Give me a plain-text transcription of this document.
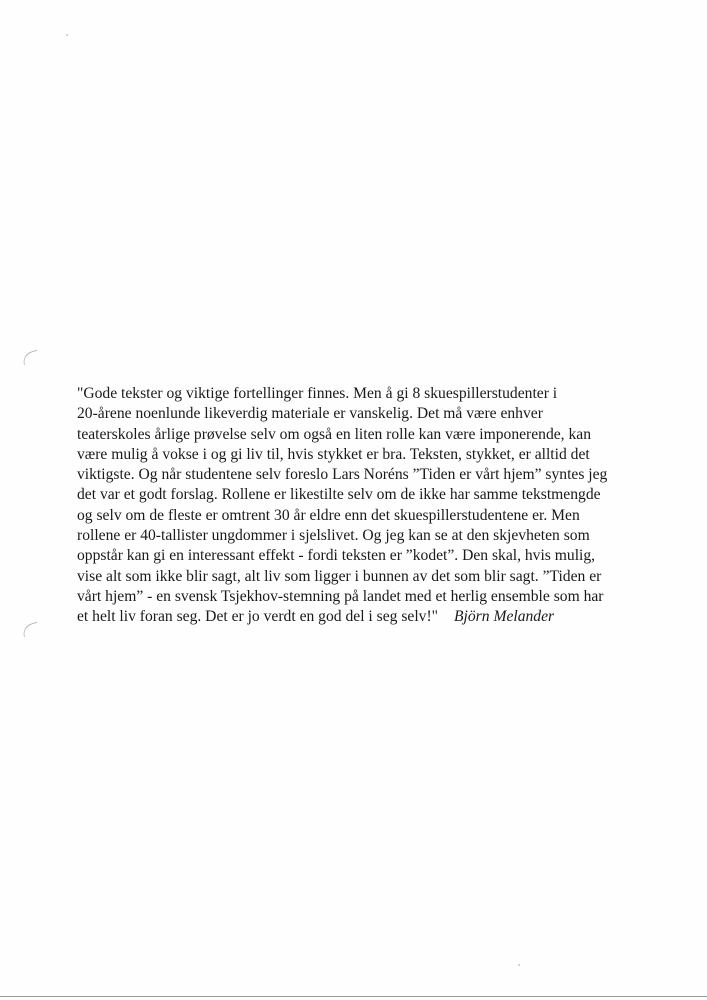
"Gode tekster og viktige fortellinger finnes. Men å gi 8 skuespillerstudenter i
20-årene noenlunde likeverdig materiale er vanskelig. Det må være enhver
teaterskoles årlige prøvelse selv om også en liten rolle kan være imponerende, kan
være mulig å vokse i og gi liv til, hvis stykket er bra. Teksten, stykket, er alltid det
viktigste. Og når studentene selv foreslo Lars Noréns ”Tiden er vårt hjem” syntes jeg
det var et godt forslag. Rollene er likestilte selv om de ikke har samme tekstmengde
og selv om de fleste er omtrent 30 år eldre enn det skuespillerstudentene er. Men
rollene er 40-tallister ungdommer i sjelslivet. Og jeg kan se at den skjevheten som
oppstår kan gi en interessant effekt - fordi teksten er ”kodet”. Den skal, hvis mulig,
vise alt som ikke blir sagt, alt liv som ligger i bunnen av det som blir sagt. ”Tiden er
vårt hjem” - en svensk Tsjekhov-stemning på landet med et herlig ensemble som har
et helt liv foran seg. Det er jo verdt en god del i seg selv!" Björn Melander
